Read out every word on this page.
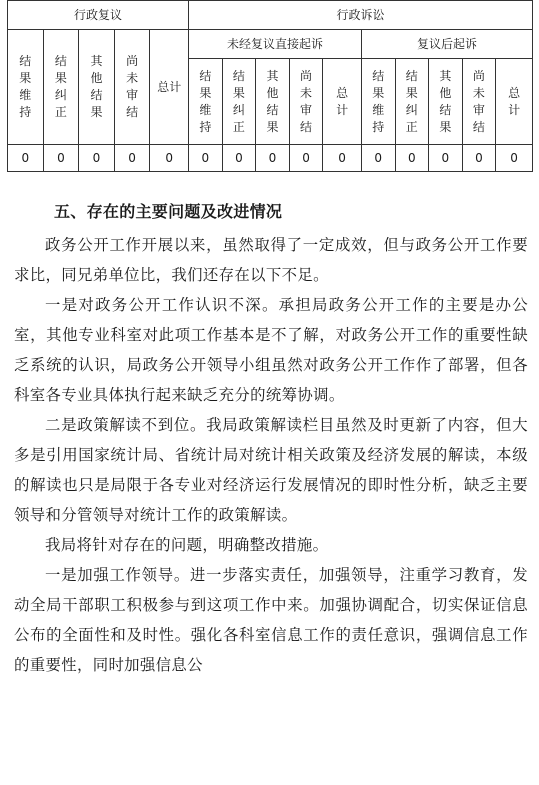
行政复议					行政诉讼									
结果维持	结果纠正	其他结果	尚未审结	总计	未经复议直接起诉					复议后起诉				
					结果维持	结果纠正	其他结果	尚未审结	总计	结果维持	结果纠正	其他结果	尚未审结	总计
0	0	0	0	0	0	0	0	0	0	0	0	0	0	0

五、存在的主要问题及改进情况

政务公开工作开展以来，虽然取得了一定成效，但与政务公开工作要求比，同兄弟单位比，我们还存在以下不足。

一是对政务公开工作认识不深。承担局政务公开工作的主要是办公室，其他专业科室对此项工作基本是不了解，对政务公开工作的重要性缺乏系统的认识，局政务公开领导小组虽然对政务公开工作作了部署，但各科室各专业具体执行起来缺乏充分的统筹协调。

二是政策解读不到位。我局政策解读栏目虽然及时更新了内容，但大多是引用国家统计局、省统计局对统计相关政策及经济发展的解读，本级的解读也只是局限于各专业对经济运行发展情况的即时性分析，缺乏主要领导和分管领导对统计工作的政策解读。

我局将针对存在的问题，明确整改措施。

一是加强工作领导。进一步落实责任，加强领导，注重学习教育，发动全局干部职工积极参与到这项工作中来。加强协调配合，切实保证信息公布的全面性和及时性。强化各科室信息工作的责任意识，强调信息工作的重要性，同时加强信息公
